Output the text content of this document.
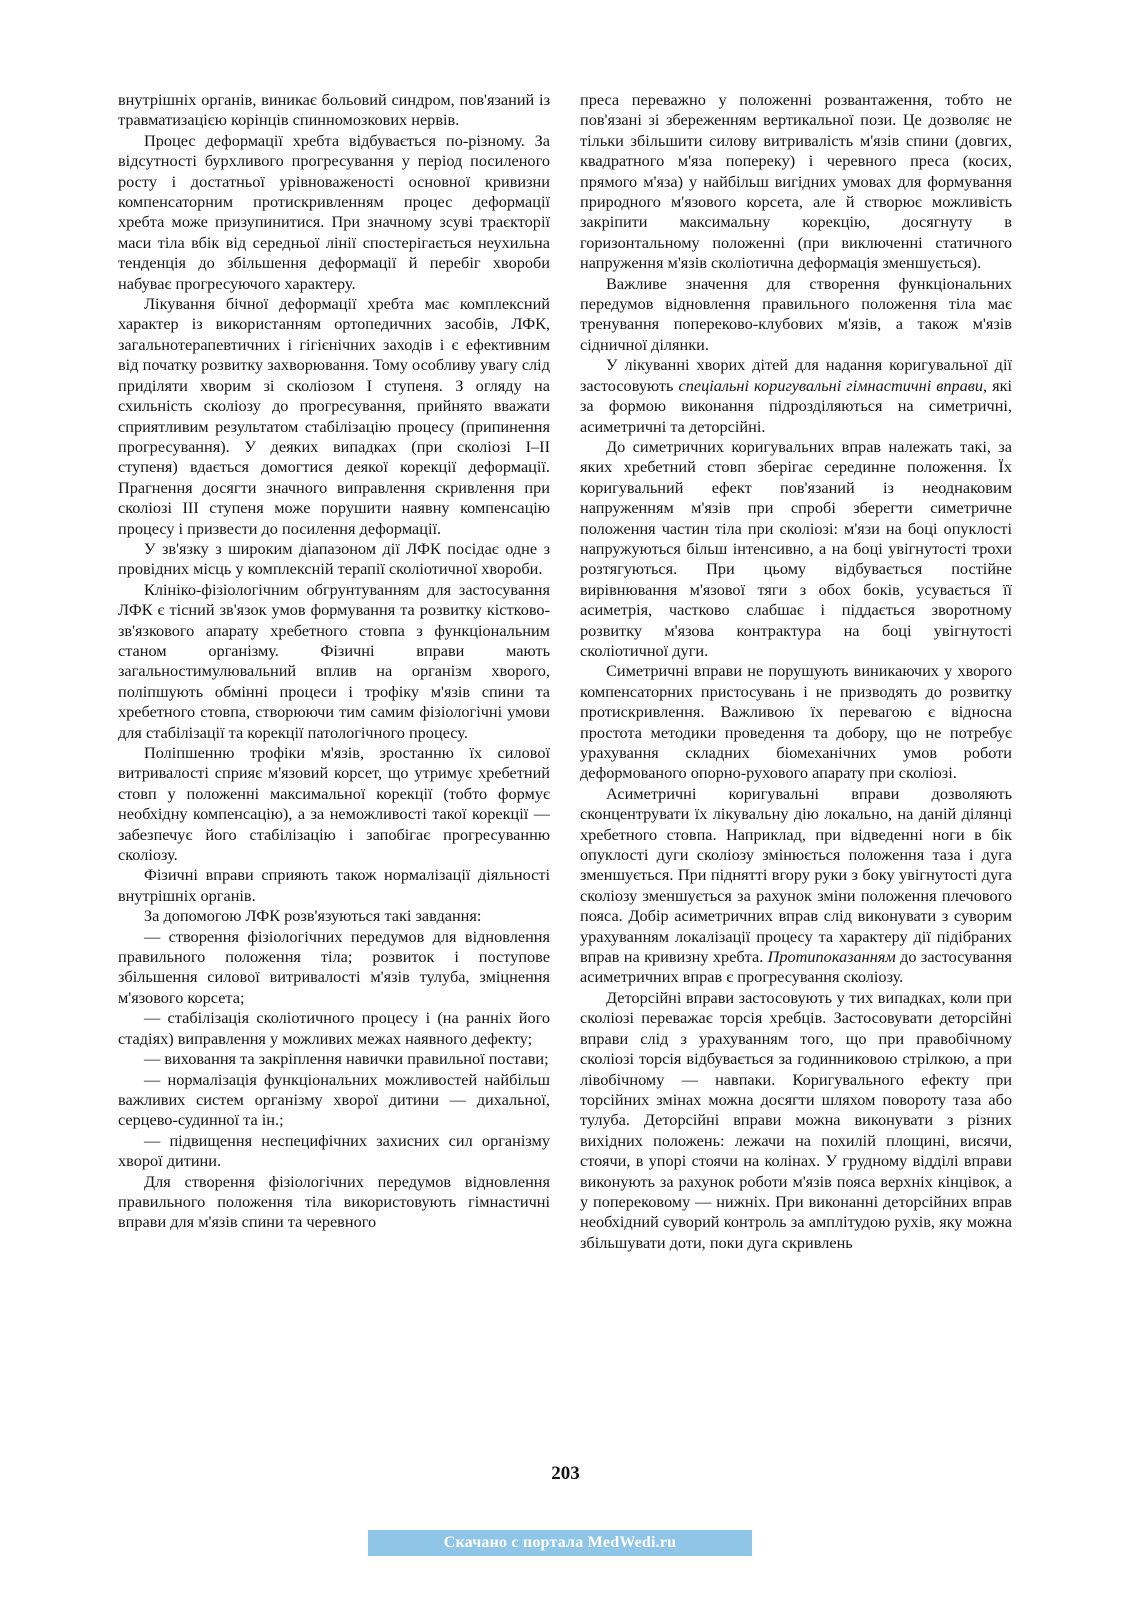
внутрішніх органів, виникає больовий синдром, пов'язаний із травматизацією корінців спинномозкових нервів.

Процес деформації хребта відбувається по-різному. За відсутності бурхливого прогресування у період посиленого росту і достатньої урівноваженості основної кривизни компенсаторним протискривленням процес деформації хребта може призупинитися. При значному зсуві траєкторії маси тіла вбік від середньої лінії спостерігається неухильна тенденція до збільшення деформації й перебіг хвороби набуває прогресуючого характеру.

Лікування бічної деформації хребта має комплексний характер із використанням ортопедичних засобів, ЛФК, загальнотерапевтичних і гігієнічних заходів і є ефективним від початку розвитку захворювання. Тому особливу увагу слід приділяти хворим зі сколіозом І ступеня. З огляду на схильність сколіозу до прогресування, прийнято вважати сприятливим результатом стабілізацію процесу (припинення прогресування). У деяких випадках (при сколіозі І–ІІ ступеня) вдається домогтися деякої корекції деформації. Прагнення досягти значного виправлення скривлення при сколіозі III ступеня може порушити наявну компенсацію процесу і призвести до посилення деформації.

У зв'язку з широким діапазоном дії ЛФК посідає одне з провідних місць у комплексній терапії сколіотичної хвороби.

Клініко-фізіологічним обгрунтуванням для застосування ЛФК є тісний зв'язок умов формування та розвитку кістково-зв'язкового апарату хребетного стовпа з функціональним станом організму. Фізичні вправи мають загальностимулювальний вплив на організм хворого, поліпшують обмінні процеси і трофіку м'язів спини та хребетного стовпа, створюючи тим самим фізіологічні умови для стабілізації та корекції патологічного процесу.

Поліпшенню трофіки м'язів, зростанню їх силової витривалості сприяє м'язовий корсет, що утримує хребетний стовп у положенні максимальної корекції (тобто формує необхідну компенсацію), а за неможливості такої корекції — забезпечує його стабілізацію і запобігає прогресуванню сколіозу.

Фізичні вправи сприяють також нормалізації діяльності внутрішніх органів.

За допомогою ЛФК розв'язуються такі завдання:

— створення фізіологічних передумов для відновлення правильного положення тіла; розвиток і поступове збільшення силової витривалості м'язів тулуба, зміцнення м'язового корсета;

— стабілізація сколіотичного процесу і (на ранніх його стадіях) виправлення у можливих межах наявного дефекту;

— виховання та закріплення навички правильної постави;

— нормалізація функціональних можливостей найбільш важливих систем організму хворої дитини — дихальної, серцево-судинної та ін.;

— підвищення неспецифічних захисних сил організму хворої дитини.

Для створення фізіологічних передумов відновлення правильного положення тіла використовують гімнастичні вправи для м'язів спини та черевного

преса переважно у положенні розвантаження, тобто не пов'язані зі збереженням вертикальної пози. Це дозволяє не тільки збільшити силову витривалість м'язів спини (довгих, квадратного м'яза попереку) і черевного преса (косих, прямого м'яза) у найбільш вигідних умовах для формування природного м'язового корсета, але й створює можливість закріпити максимальну корекцію, досягнуту в горизонтальному положенні (при виключенні статичного напруження м'язів сколіотична деформація зменшується).

Важливе значення для створення функціональних передумов відновлення правильного положення тіла має тренування попереково-клубових м'язів, а також м'язів сідничної ділянки.

У лікуванні хворих дітей для надання коригувальної дії застосовують спеціальні коригувальні гімнастичні вправи, які за формою виконання підрозділяються на симетричні, асиметричні та деторсійні.

До симетричних коригувальних вправ належать такі, за яких хребетний стовп зберігає серединне положення. Їх коригувальний ефект пов'язаний із неоднаковим напруженням м'язів при спробі зберегти симетричне положення частин тіла при сколіозі: м'язи на боці опуклості напружуються більш інтенсивно, а на боці увігнутості трохи розтягуються. При цьому відбувається постійне вирівнювання м'язової тяги з обох боків, усувається її асиметрія, частково слабшає і піддається зворотному розвитку м'язова контрактура на боці увігнутості сколіотичної дуги.

Симетричні вправи не порушують виникаючих у хворого компенсаторних пристосувань і не призводять до розвитку протискривлення. Важливою їх перевагою є відносна простота методики проведення та добору, що не потребує урахування складних біомеханічних умов роботи деформованого опорно-рухового апарату при сколіозі.

Асиметричні коригувальні вправи дозволяють сконцентрувати їх лікувальну дію локально, на даній ділянці хребетного стовпа. Наприклад, при відведенні ноги в бік опуклості дуги сколіозу змінюється положення таза і дуга зменшується. При піднятті вгору руки з боку увігнутості дуга сколіозу зменшується за рахунок зміни положення плечового пояса. Добір асиметричних вправ слід виконувати з суворим урахуванням локалізації процесу та характеру дії підібраних вправ на кривизну хребта. Протипоказанням до застосування асиметричних вправ є прогресування сколіозу.

Деторсійні вправи застосовують у тих випадках, коли при сколіозі переважає торсія хребців. Застосовувати деторсійні вправи слід з урахуванням того, що при правобічному сколіозі торсія відбувається за годинниковою стрілкою, а при лівобічному — навпаки. Коригувального ефекту при торсійних змінах можна досягти шляхом повороту таза або тулуба. Деторсійні вправи можна виконувати з різних вихідних положень: лежачи на похилій площині, висячи, стоячи, в упорі стоячи на колінах. У грудному відділі вправи виконують за рахунок роботи м'язів пояса верхніх кінцівок, а у поперековому — нижніх. При виконанні деторсійних вправ необхідний суворий контроль за амплітудою рухів, яку можна збільшувати доти, поки дуга скривлень

203
Скачано с портала MedWedi.ru
